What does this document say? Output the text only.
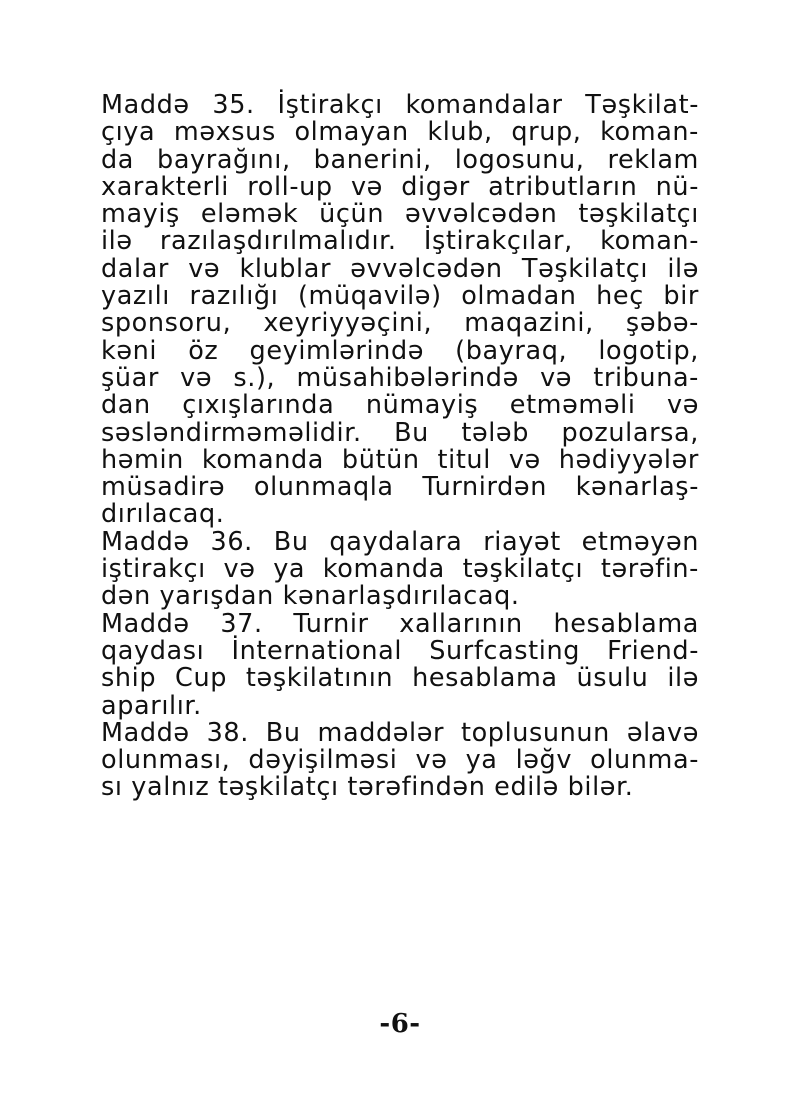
Maddə 35. İştirakçı komandalar Təşkilat-
çıya məxsus olmayan klub, qrup, koman-
da bayrağını, banerini, logosunu, reklam
xarakterli roll-up və digər atributların nü-
mayiş eləmək üçün əvvəlcədən təşkilatçı
ilə razılaşdırılmalıdır. İştirakçılar, koman-
dalar və klublar əvvəlcədən Təşkilatçı ilə
yazılı razılığı (müqavilə) olmadan heç bir
sponsoru, xeyriyyəçini, maqazini, şəbə-
kəni öz geyimlərində (bayraq, logotip,
şüar və s.), müsahibələrində və tribuna-
dan çıxışlarında nümayiş etməməli və
səsləndirməməlidir. Bu tələb pozularsa,
həmin komanda bütün titul və hədiyyələr
müsadirə olunmaqla Turnirdən kənarlaş-
dırılacaq.
Maddə 36. Bu qaydalara riayət etməyən
iştirakçı və ya komanda təşkilatçı tərəfin-
dən yarışdan kənarlaşdırılacaq.
Maddə 37. Turnir xallarının hesablama
qaydası İnternational Surfcasting Friend-
ship Cup təşkilatının hesablama üsulu ilə
aparılır.
Maddə 38. Bu maddələr toplusunun əlavə
olunması, dəyişilməsi və ya ləğv olunma-
sı yalnız təşkilatçı tərəfindən edilə bilər.
-6-
